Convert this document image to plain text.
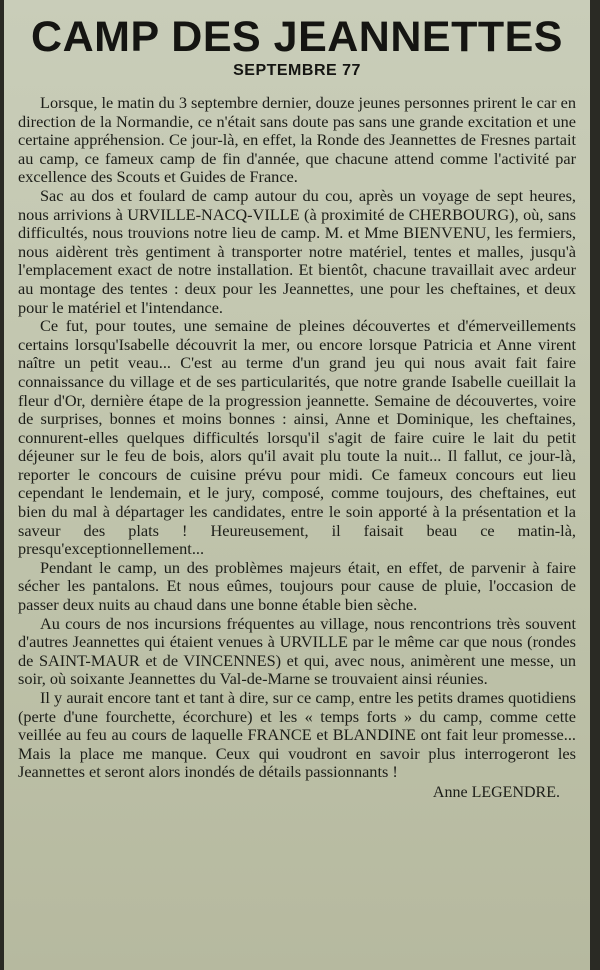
CAMP DES JEANNETTES
SEPTEMBRE 77

Lorsque, le matin du 3 septembre dernier, douze jeunes personnes prirent le car en direction de la Normandie, ce n'était sans doute pas sans une grande excitation et une certaine appréhension. Ce jour-là, en effet, la Ronde des Jeannettes de Fresnes partait au camp, ce fameux camp de fin d'année, que chacune attend comme l'activité par excellence des Scouts et Guides de France.

Sac au dos et foulard de camp autour du cou, après un voyage de sept heures, nous arrivions à URVILLE-NACQ-VILLE (à proximité de CHERBOURG), où, sans difficultés, nous trouvions notre lieu de camp. M. et Mme BIENVENU, les fermiers, nous aidèrent très gentiment à transporter notre matériel, tentes et malles, jusqu'à l'emplacement exact de notre installation. Et bientôt, chacune travaillait avec ardeur au montage des tentes : deux pour les Jeannettes, une pour les cheftaines, et deux pour le matériel et l'intendance.

Ce fut, pour toutes, une semaine de pleines découvertes et d'émerveillements certains lorsqu'Isabelle découvrit la mer, ou encore lorsque Patricia et Anne virent naître un petit veau... C'est au terme d'un grand jeu qui nous avait fait faire connaissance du village et de ses particularités, que notre grande Isabelle cueillait la fleur d'Or, dernière étape de la progression jeannette. Semaine de découvertes, voire de surprises, bonnes et moins bonnes : ainsi, Anne et Dominique, les cheftaines, connurent-elles quelques difficultés lorsqu'il s'agit de faire cuire le lait du petit déjeuner sur le feu de bois, alors qu'il avait plu toute la nuit... Il fallut, ce jour-là, reporter le concours de cuisine prévu pour midi. Ce fameux concours eut lieu cependant le lendemain, et le jury, composé, comme toujours, des cheftaines, eut bien du mal à départager les candidates, entre le soin apporté à la présentation et la saveur des plats ! Heureusement, il faisait beau ce matin-là, presqu'exceptionnellement...

Pendant le camp, un des problèmes majeurs était, en effet, de parvenir à faire sécher les pantalons. Et nous eûmes, toujours pour cause de pluie, l'occasion de passer deux nuits au chaud dans une bonne étable bien sèche.

Au cours de nos incursions fréquentes au village, nous rencontrions très souvent d'autres Jeannettes qui étaient venues à URVILLE par le même car que nous (rondes de SAINT-MAUR et de VINCENNES) et qui, avec nous, animèrent une messe, un soir, où soixante Jeannettes du Val-de-Marne se trouvaient ainsi réunies.

Il y aurait encore tant et tant à dire, sur ce camp, entre les petits drames quotidiens (perte d'une fourchette, écorchure) et les « temps forts » du camp, comme cette veillée au feu au cours de laquelle FRANCE et BLANDINE ont fait leur promesse... Mais la place me manque. Ceux qui voudront en savoir plus interrogeront les Jeannettes et seront alors inondés de détails passionnants !

Anne LEGENDRE.
